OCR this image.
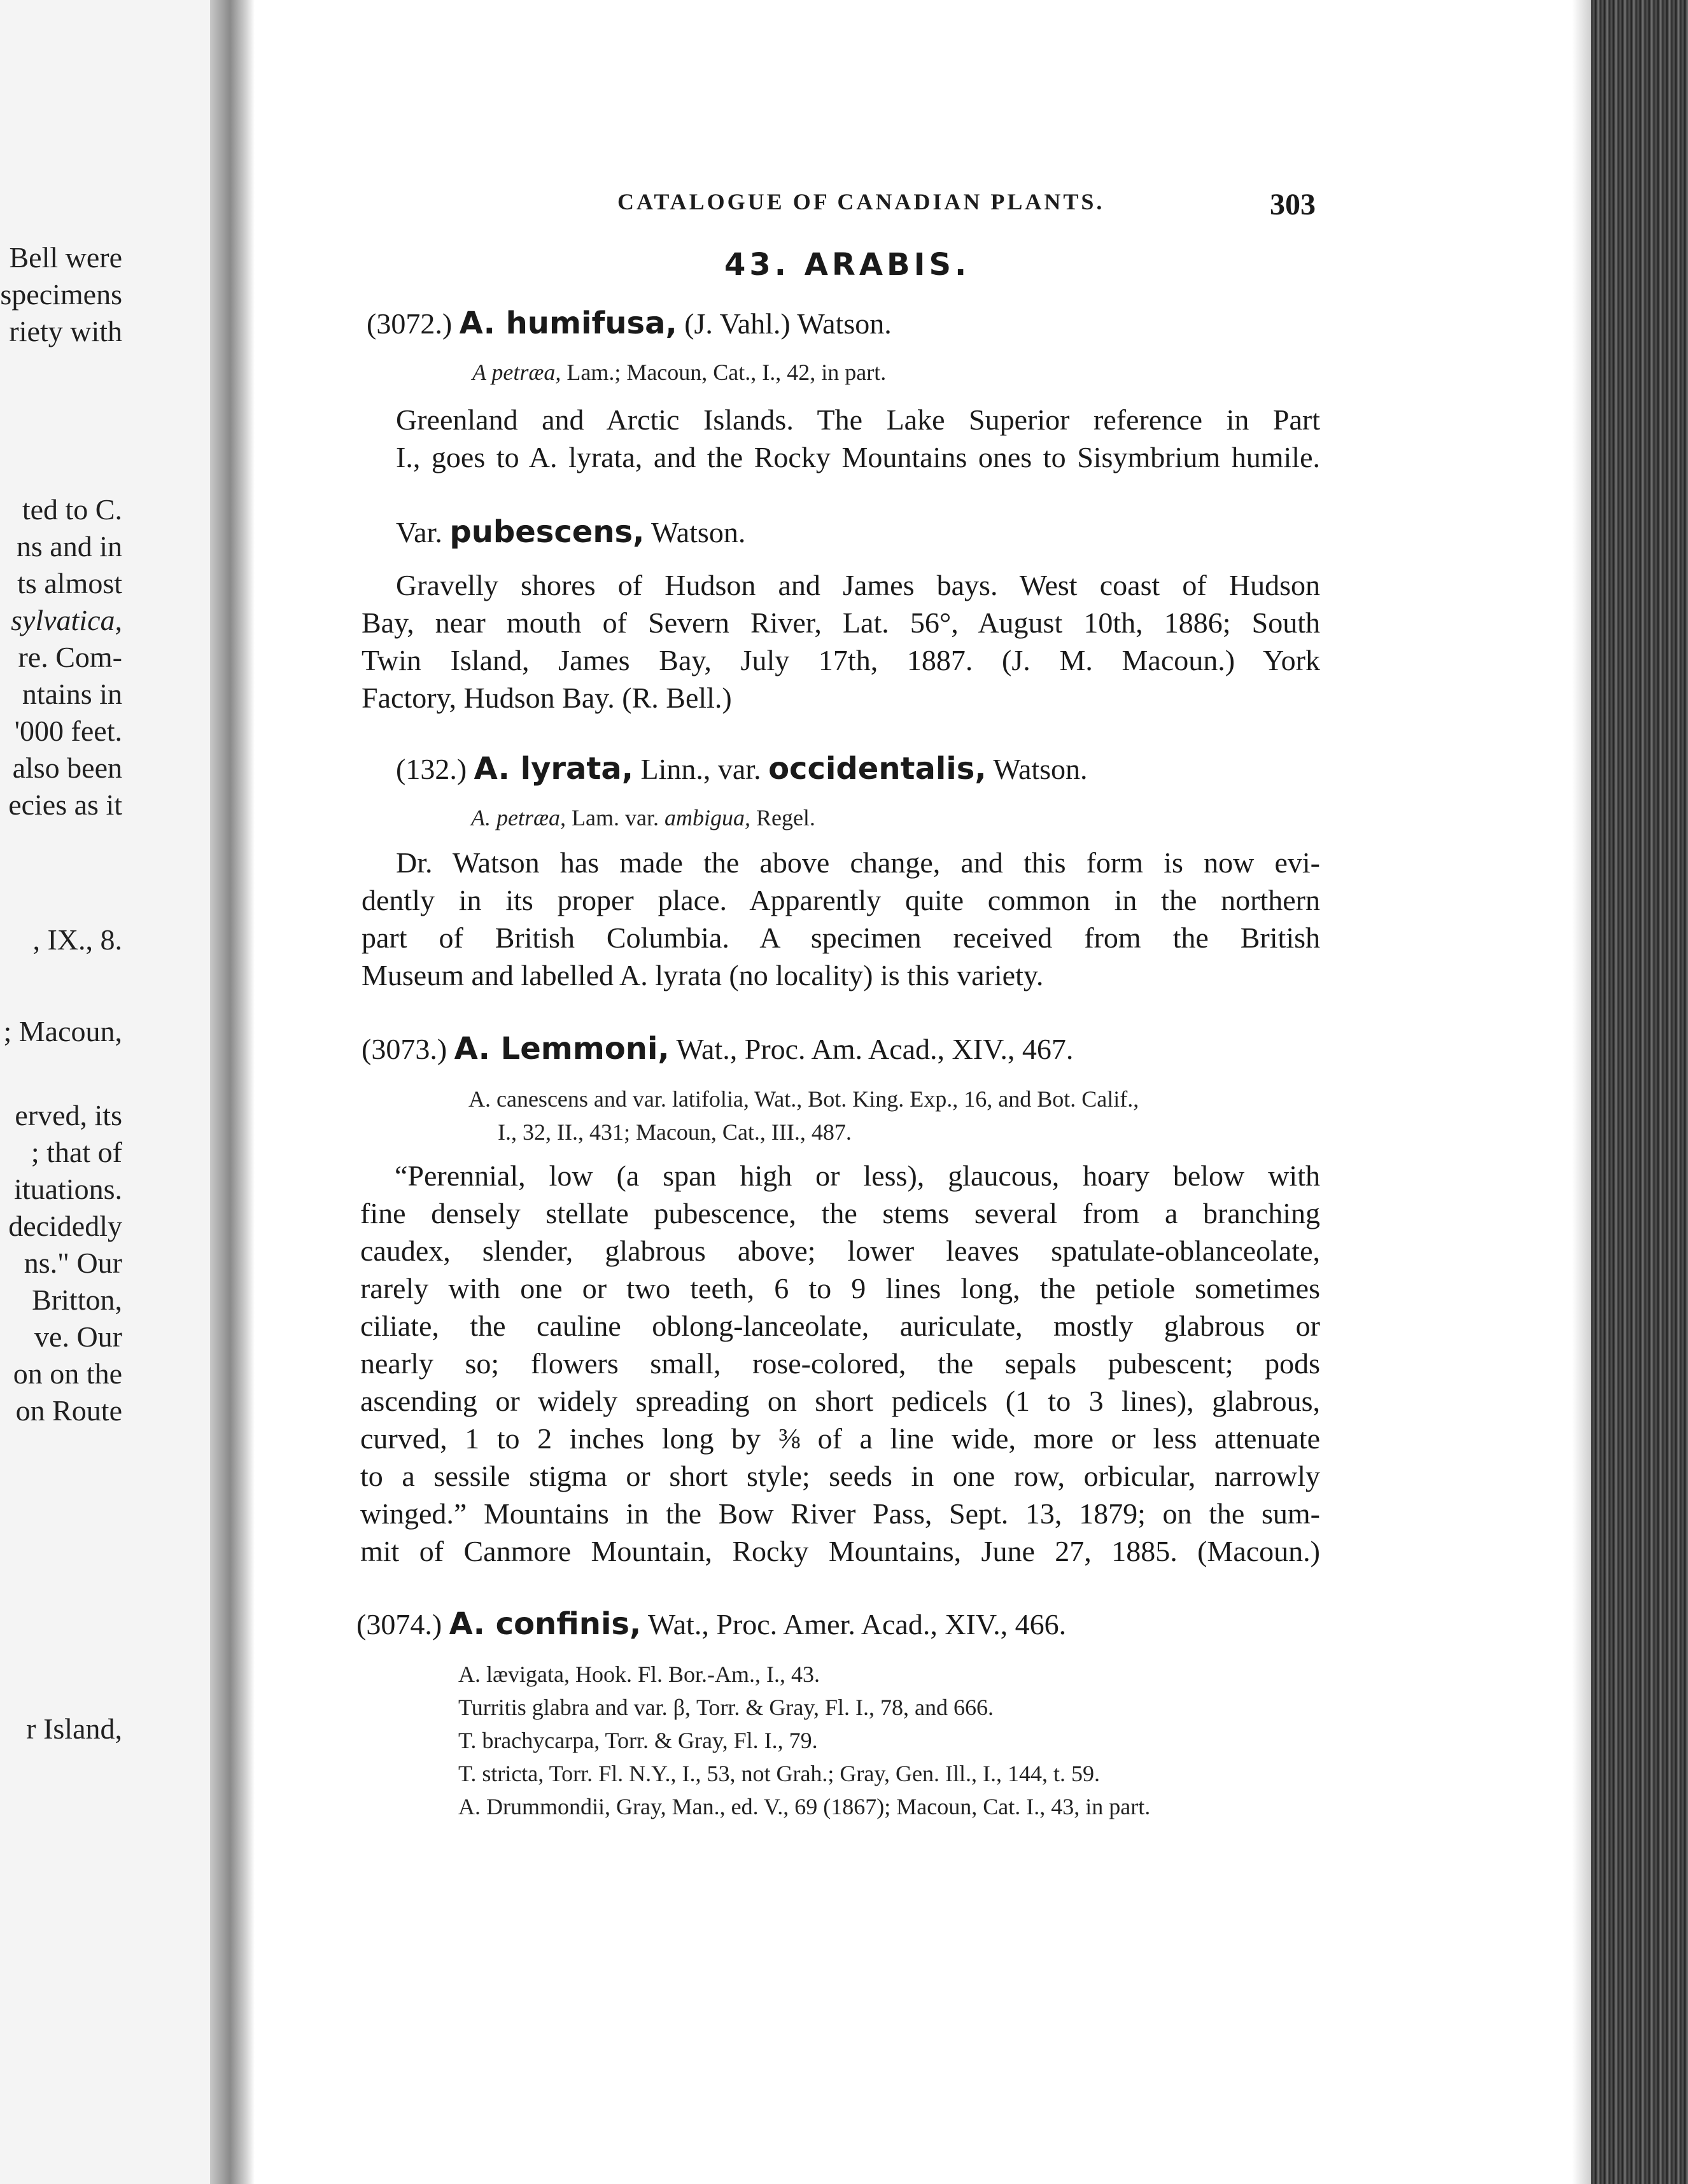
Bell were
specimens
riety with
ted to C.
ns and in
ts almost
sylvatica,
re. Com-
ntains in
'000 feet.
also been
ecies as it
, IX., 8.
; Macoun,
erved, its
; that of
ituations.
decidedly
ns." Our
Britton,
ve. Our
on on the
on Route
r Island,
CATALOGUE OF CANADIAN PLANTS.	303
43. ARABIS.
(3072.) A. humifusa, (J. Vahl.) Watson.
A petræa, Lam.; Macoun, Cat., I., 42, in part.
Greenland and Arctic Islands. The Lake Superior reference in Part
I., goes to A. lyrata, and the Rocky Mountains ones to Sisymbrium humile.
Var. pubescens, Watson.
Gravelly shores of Hudson and James bays. West coast of Hudson
Bay, near mouth of Severn River, Lat. 56°, August 10th, 1886; South
Twin Island, James Bay, July 17th, 1887. (J. M. Macoun.) York
Factory, Hudson Bay. (R. Bell.)
(132.) A. lyrata, Linn., var. occidentalis, Watson.
A. petræa, Lam. var. ambigua, Regel.
Dr. Watson has made the above change, and this form is now evi-
dently in its proper place. Apparently quite common in the northern
part of British Columbia. A specimen received from the British
Museum and labelled A. lyrata (no locality) is this variety.
(3073.) A. Lemmoni, Wat., Proc. Am. Acad., XIV., 467.
A. canescens and var. latifolia, Wat., Bot. King. Exp., 16, and Bot. Calif.,
I., 32, II., 431; Macoun, Cat., III., 487.
“Perennial, low (a span high or less), glaucous, hoary below with
fine densely stellate pubescence, the stems several from a branching
caudex, slender, glabrous above; lower leaves spatulate-oblanceolate,
rarely with one or two teeth, 6 to 9 lines long, the petiole sometimes
ciliate, the cauline oblong-lanceolate, auriculate, mostly glabrous or
nearly so; flowers small, rose-colored, the sepals pubescent; pods
ascending or widely spreading on short pedicels (1 to 3 lines), glabrous,
curved, 1 to 2 inches long by ⅜ of a line wide, more or less attenuate
to a sessile stigma or short style; seeds in one row, orbicular, narrowly
winged.” Mountains in the Bow River Pass, Sept. 13, 1879; on the sum-
mit of Canmore Mountain, Rocky Mountains, June 27, 1885. (Macoun.)
(3074.) A. confinis, Wat., Proc. Amer. Acad., XIV., 466.
A. lævigata, Hook. Fl. Bor.-Am., I., 43.
Turritis glabra and var. β, Torr. & Gray, Fl. I., 78, and 666.
T. brachycarpa, Torr. & Gray, Fl. I., 79.
T. stricta, Torr. Fl. N.Y., I., 53, not Grah.; Gray, Gen. Ill., I., 144, t. 59.
A. Drummondii, Gray, Man., ed. V., 69 (1867); Macoun, Cat. I., 43, in part.
